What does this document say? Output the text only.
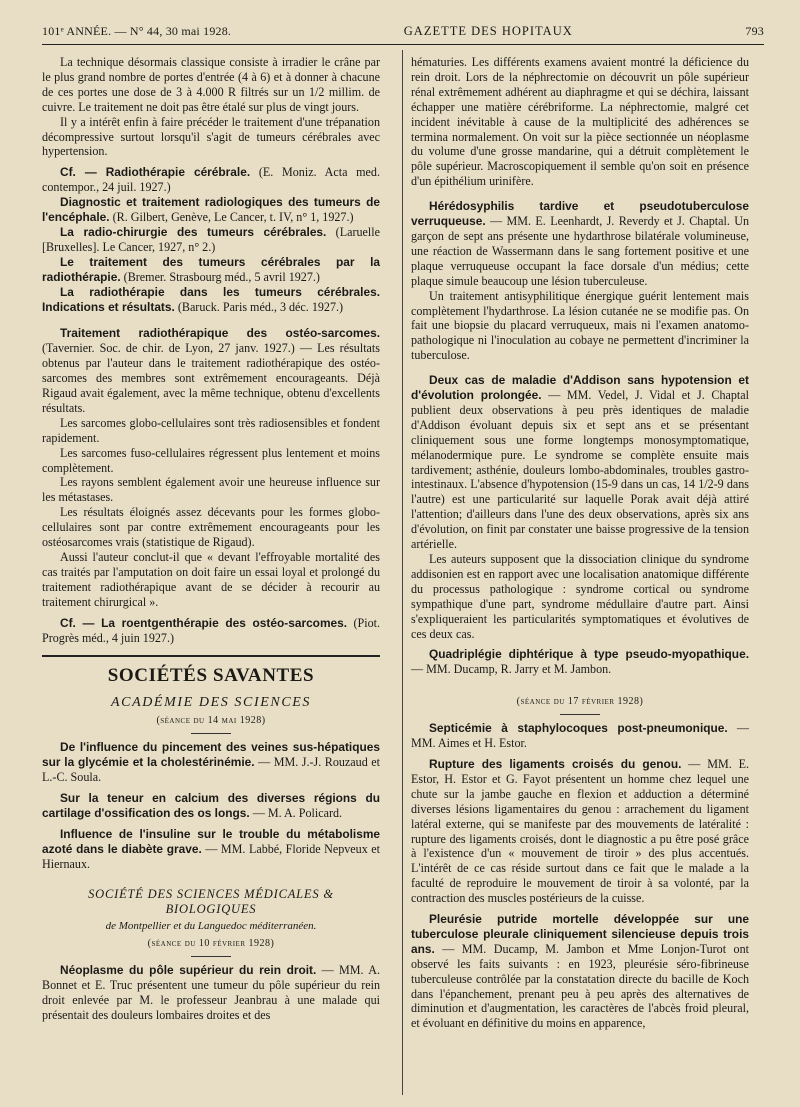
101ᵉ ANNÉE. — N° 44, 30 mai 1928.	GAZETTE DES HOPITAUX	793

La technique désormais classique consiste à irradier le crâne par le plus grand nombre de portes d'entrée (4 à 6) et à donner à chacune de ces portes une dose de 3 à 4.000 R filtrés sur un 1/2 millim. de cuivre. Le traitement ne doit pas être étalé sur plus de vingt jours.

Il y a intérêt enfin à faire précéder le traitement d'une trépanation décompressive surtout lorsqu'il s'agit de tumeurs cérébrales avec hypertension.

Cf. — Radiothérapie cérébrale. (E. Moniz. Acta med. contempor., 24 juil. 1927.)

Diagnostic et traitement radiologiques des tumeurs de l'encéphale. (R. Gilbert, Genève, Le Cancer, t. IV, n° 1, 1927.)

La radio-chirurgie des tumeurs cérébrales. (Laruelle [Bruxelles]. Le Cancer, 1927, n° 2.)

Le traitement des tumeurs cérébrales par la radiothérapie. (Bremer. Strasbourg méd., 5 avril 1927.)

La radiothérapie dans les tumeurs cérébrales. Indications et résultats. (Baruck. Paris méd., 3 déc. 1927.)

Traitement radiothérapique des ostéo-sarcomes. (Tavernier. Soc. de chir. de Lyon, 27 janv. 1927.) — Les résultats obtenus par l'auteur dans le traitement radiothérapique des ostéo-sarcomes des membres sont extrêmement encourageants. Déjà Rigaud avait également, avec la même technique, obtenu d'excellents résultats.

Les sarcomes globo-cellulaires sont très radiosensibles et fondent rapidement.

Les sarcomes fuso-cellulaires régressent plus lentement et moins complètement.

Les rayons semblent également avoir une heureuse influence sur les métastases.

Les résultats éloignés assez décevants pour les formes globo-cellulaires sont par contre extrêmement encourageants pour les ostéosarcomes vrais (statistique de Rigaud).

Aussi l'auteur conclut-il que « devant l'effroyable mortalité des cas traités par l'amputation on doit faire un essai loyal et prolongé du traitement radiothérapique avant de se décider à recourir au traitement chirurgical ».

Cf. — La roentgenthérapie des ostéo-sarcomes. (Piot. Progrès méd., 4 juin 1927.)

SOCIÉTÉS SAVANTES
ACADÉMIE DES SCIENCES
(séance du 14 mai 1928)

De l'influence du pincement des veines sus-hépatiques sur la glycémie et la cholestérinémie. — MM. J.-J. Rouzaud et L.-C. Soula.

Sur la teneur en calcium des diverses régions du cartilage d'ossification des os longs. — M. A. Policard.

Influence de l'insuline sur le trouble du métabolisme azoté dans le diabète grave. — MM. Labbé, Floride Nepveux et Hiernaux.

SOCIÉTÉ DES SCIENCES MÉDICALES & BIOLOGIQUES
de Montpellier et du Languedoc méditerranéen.
(séance du 10 février 1928)

Néoplasme du pôle supérieur du rein droit. — MM. A. Bonnet et E. Truc présentent une tumeur du pôle supérieur du rein droit enlevée par M. le professeur Jeanbrau à une malade qui présentait des douleurs lombaires droites et des

hématuries. Les différents examens avaient montré la déficience du rein droit. Lors de la néphrectomie on découvrit un pôle supérieur rénal extrêmement adhérent au diaphragme et qui se déchira, laissant échapper une matière cérébriforme. La néphrectomie, malgré cet incident inévitable à cause de la multiplicité des adhérences se termina normalement. On voit sur la pièce sectionnée un néoplasme du volume d'une grosse mandarine, qui a détruit complètement le pôle supérieur. Macroscopiquement il semble qu'on soit en présence d'un épithélium urinifère.

Hérédosyphilis tardive et pseudotuberculose verruqueuse. — MM. E. Leenhardt, J. Reverdy et J. Chaptal. Un garçon de sept ans présente une hydarthrose bilatérale volumineuse, une réaction de Wassermann dans le sang fortement positive et une plaque verruqueuse occupant la face dorsale d'un médius; cette plaque simule beaucoup une lésion tuberculeuse.

Un traitement antisyphilitique énergique guérit lentement mais complètement l'hydarthrose. La lésion cutanée ne se modifie pas. On fait une biopsie du placard verruqueux, mais ni l'examen anatomo-pathologique ni l'inoculation au cobaye ne permettent d'incriminer la tuberculose.

Deux cas de maladie d'Addison sans hypotension et d'évolution prolongée. — MM. Vedel, J. Vidal et J. Chaptal publient deux observations à peu près identiques de maladie d'Addison évoluant depuis six et sept ans et se présentant cliniquement sous une forme longtemps monosymptomatique, mélanodermique pure. Le syndrome se complète ensuite mais tardivement; asthénie, douleurs lombo-abdominales, troubles gastro-intestinaux. L'absence d'hypotension (15-9 dans un cas, 14 1/2-9 dans l'autre) est une particularité sur laquelle Porak avait déjà attiré l'attention; d'ailleurs dans l'une des deux observations, après six ans d'évolution, on finit par constater une baisse progressive de la tension artérielle.

Les auteurs supposent que la dissociation clinique du syndrome addisonien est en rapport avec une localisation anatomique différente du processus pathologique : syndrome cortical ou syndrome sympathique d'une part, syndrome médullaire d'autre part. Ainsi s'expliqueraient les particularités symptomatiques et évolutives de ces deux cas.

Quadriplégie diphtérique à type pseudo-myopathique. — MM. Ducamp, R. Jarry et M. Jambon.

(séance du 17 février 1928)

Septicémie à staphylocoques post-pneumonique. — MM. Aimes et H. Estor.

Rupture des ligaments croisés du genou. — MM. E. Estor, H. Estor et G. Fayot présentent un homme chez lequel une chute sur la jambe gauche en flexion et adduction a déterminé diverses lésions ligamentaires du genou : arrachement du ligament latéral externe, qui se manifeste par des mouvements de latéralité : rupture des ligaments croisés, dont le diagnostic a pu être posé grâce à l'existence d'un « mouvement de tiroir » des plus accentués. L'intérêt de ce cas réside surtout dans ce fait que le malade a la faculté de reproduire le mouvement de tiroir à sa volonté, par la contraction des muscles postérieurs de la cuisse.

Pleurésie putride mortelle développée sur une tuberculose pleurale cliniquement silencieuse depuis trois ans. — MM. Ducamp, M. Jambon et Mme Lonjon-Turot ont observé les faits suivants : en 1923, pleurésie séro-fibrineuse tuberculeuse contrôlée par la constatation directe du bacille de Koch dans l'épanchement, prenant peu à peu après des alternatives de diminution et d'augmentation, les caractères de l'abcès froid pleural, et évoluant en définitive du moins en apparence,
